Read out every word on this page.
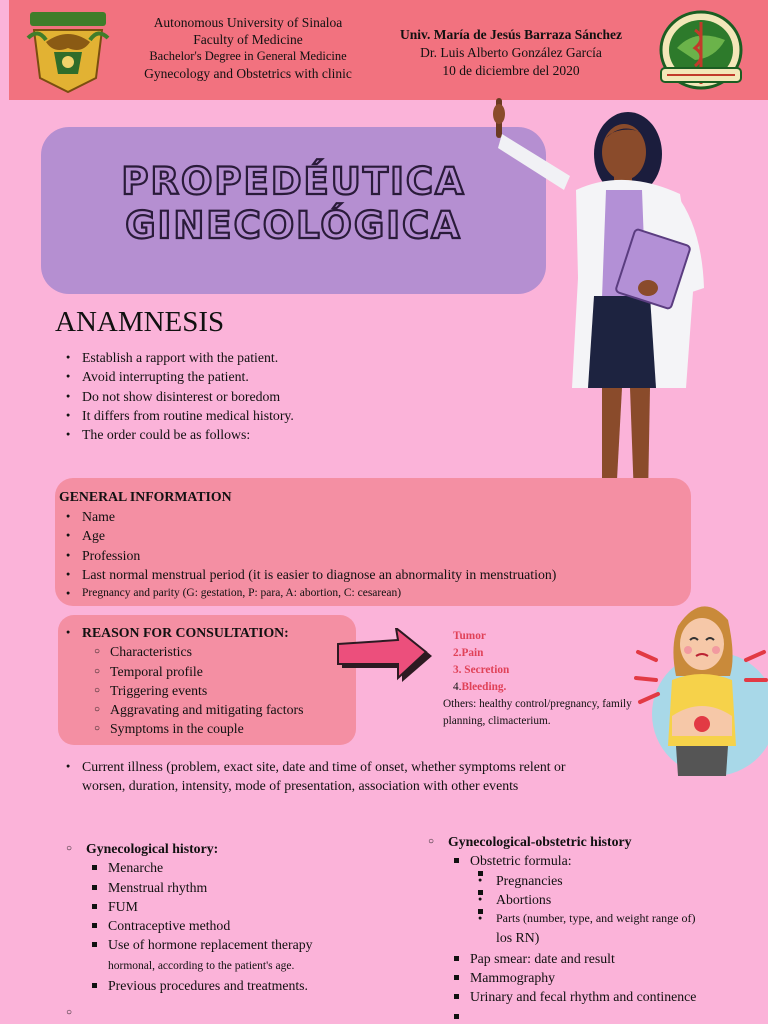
Autonomous University of Sinaloa
Faculty of Medicine
Bachelor's Degree in General Medicine
Gynecology and Obstetrics with clinic
Univ. María de Jesús Barraza Sánchez
Dr. Luis Alberto González García
10 de diciembre del 2020
PROPEDÉUTICA
GINECOLÓGICA
ANAMNESIS
● Establish a rapport with the patient.
● Avoid interrupting the patient.
● Do not show disinterest or boredom
● It differs from routine medical history.
● The order could be as follows:
GENERAL INFORMATION
● Name
● Age
● Profession
● Last normal menstrual period (it is easier to diagnose an abnormality in menstruation)
● Pregnancy and parity (G: gestation, P: para, A: abortion, C: cesarean)
● REASON FOR CONSULTATION:
○ Characteristics
○ Temporal profile
○ Triggering events
○ Aggravating and mitigating factors
○ Symptoms in the couple
Tumor
2.Pain
3. Secretion
4.Bleeding.
Others: healthy control/pregnancy, family planning, climacterium.
● Current illness (problem, exact site, date and time of onset, whether symptoms relent or worsen, duration, intensity, mode of presentation, association with other events
○ Gynecological history:
Menarche
Menstrual rhythm
FUM
Contraceptive method
Use of hormone replacement therapy
hormonal, according to the patient's age.
Previous procedures and treatments.
○ Gynecological-obstetric history
Obstetric formula:
● Pregnancies
● Abortions
● Parts (number, type, and weight range of)
los RN)
Pap smear: date and result
Mammography
Urinary and fecal rhythm and continence
